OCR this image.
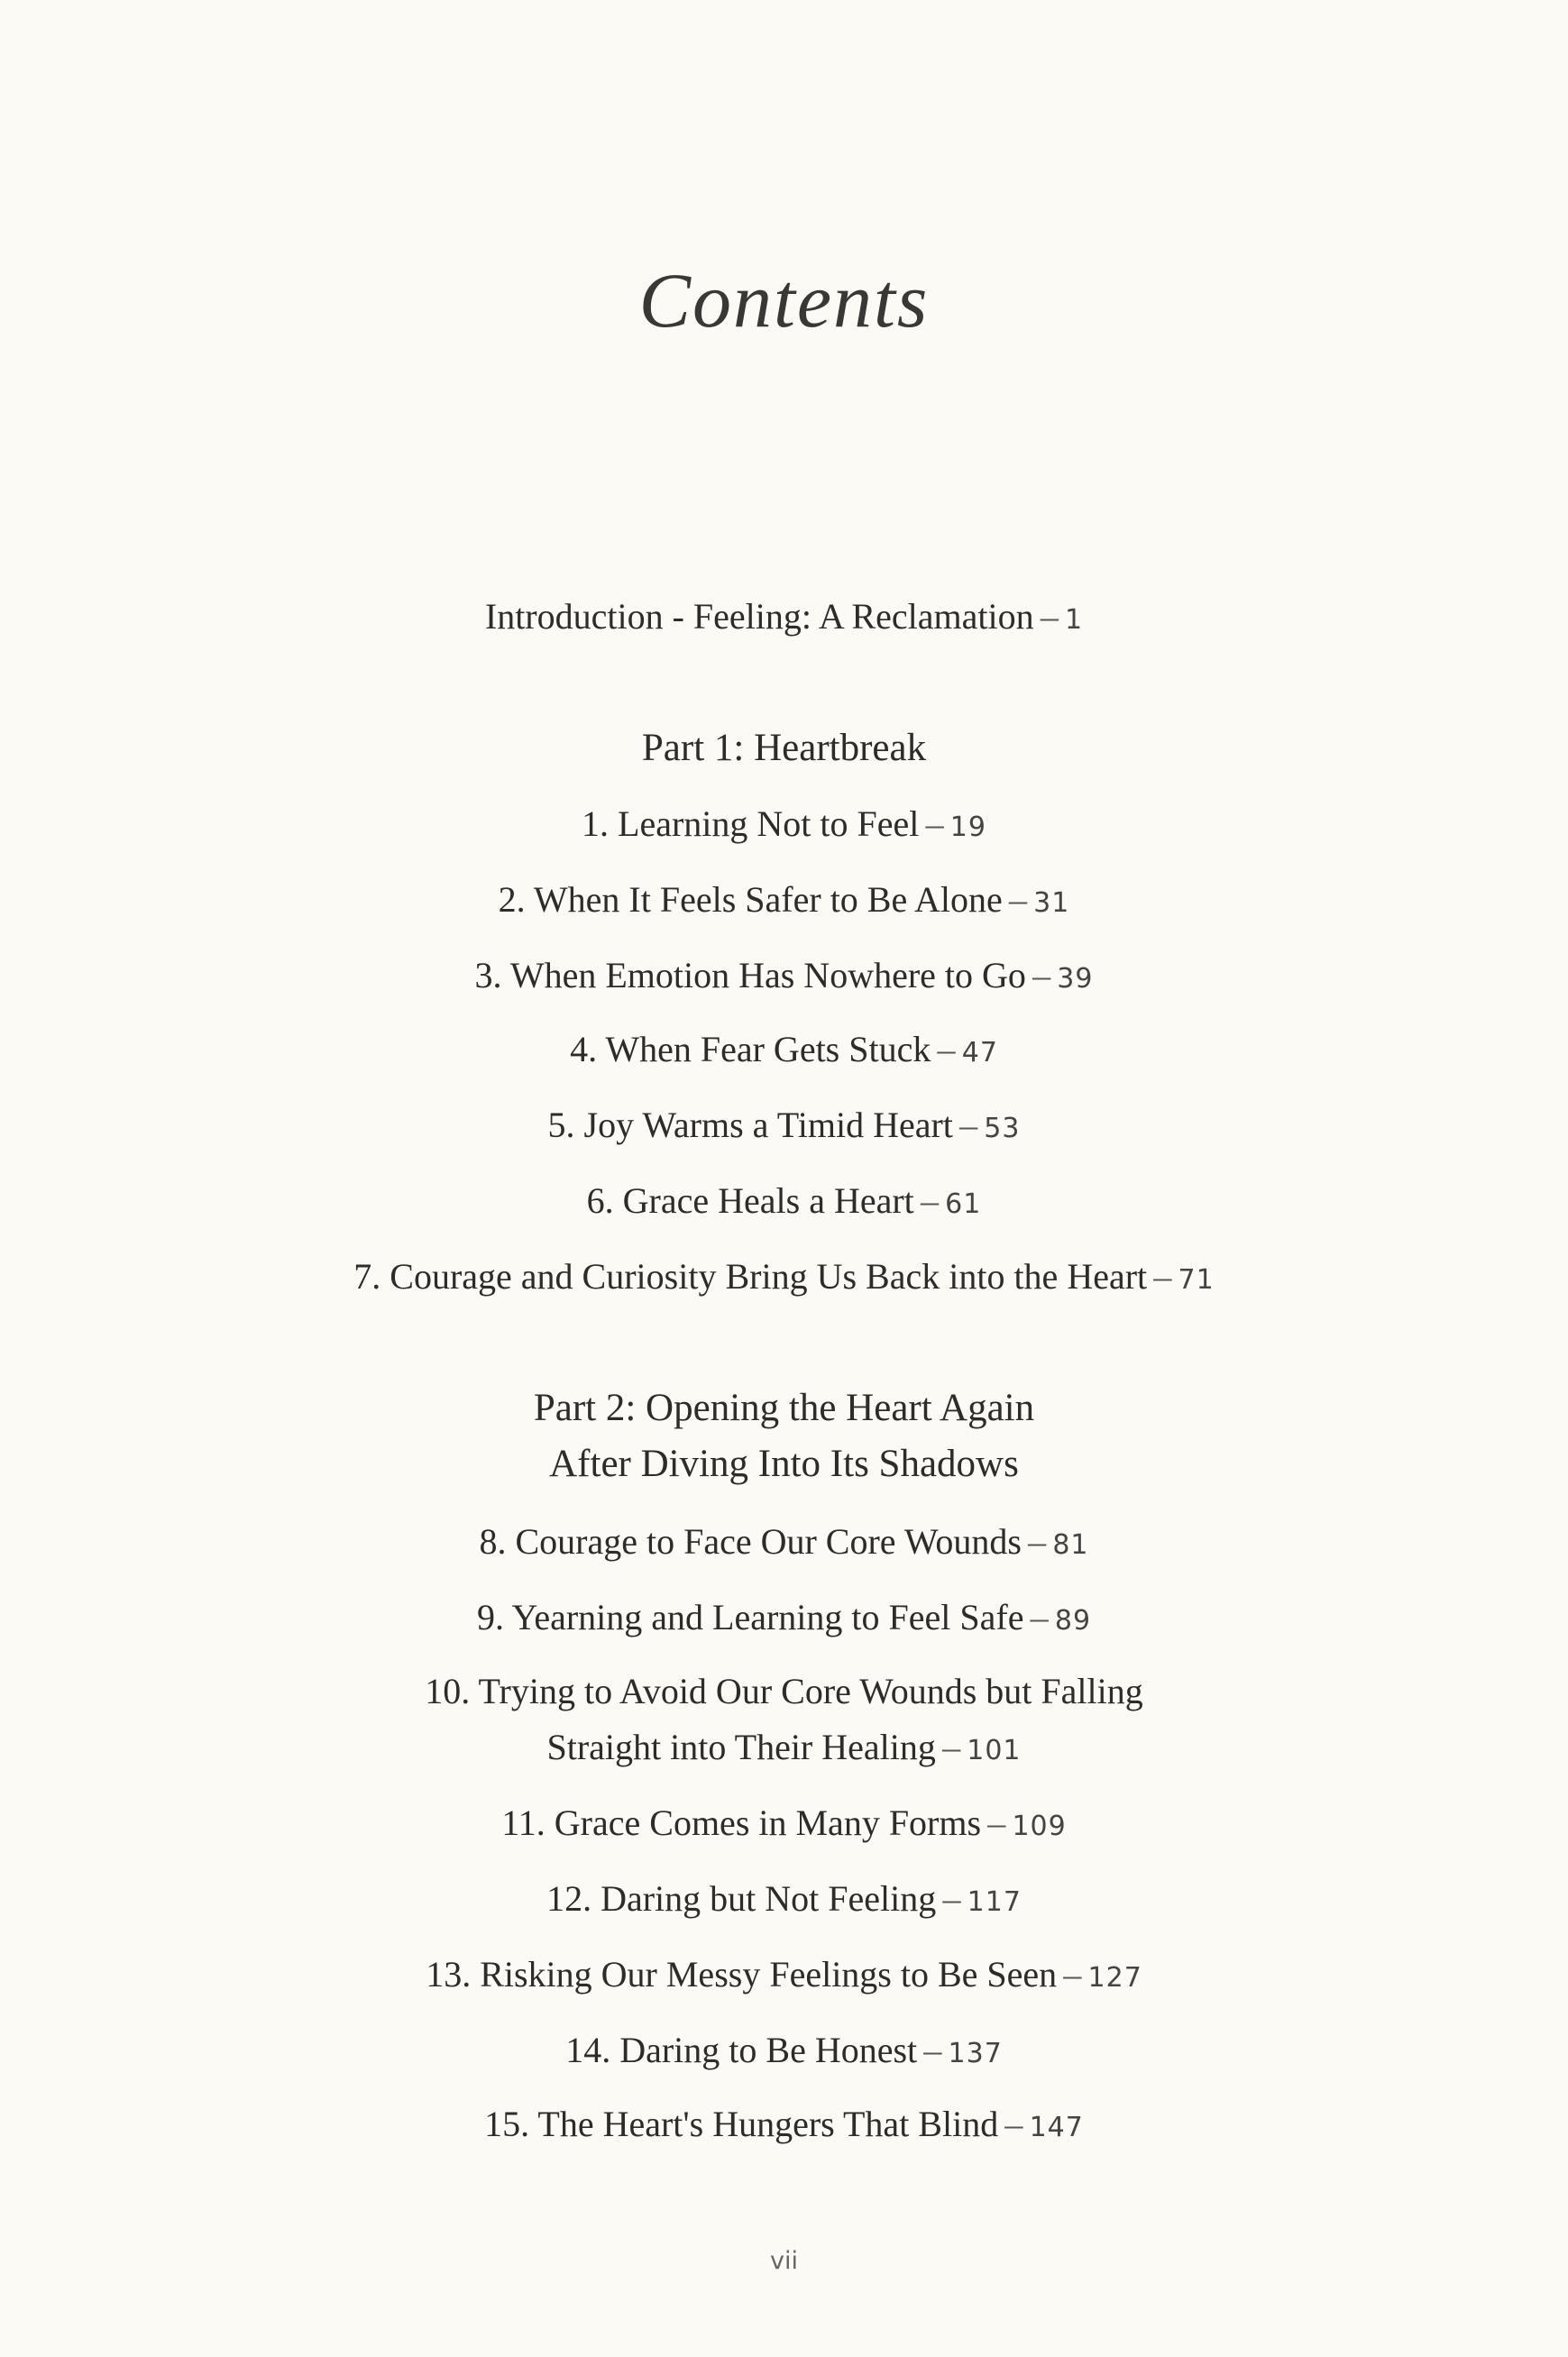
Contents
Introduction - Feeling: A Reclamation – 1
Part 1: Heartbreak
1. Learning Not to Feel – 19
2. When It Feels Safer to Be Alone – 31
3. When Emotion Has Nowhere to Go – 39
4. When Fear Gets Stuck – 47
5. Joy Warms a Timid Heart – 53
6. Grace Heals a Heart – 61
7. Courage and Curiosity Bring Us Back into the Heart – 71
Part 2: Opening the Heart Again
After Diving Into Its Shadows
8. Courage to Face Our Core Wounds – 81
9. Yearning and Learning to Feel Safe – 89
10. Trying to Avoid Our Core Wounds but Falling
Straight into Their Healing – 101
11. Grace Comes in Many Forms – 109
12. Daring but Not Feeling – 117
13. Risking Our Messy Feelings to Be Seen – 127
14. Daring to Be Honest – 137
15. The Heart's Hungers That Blind – 147
vii
